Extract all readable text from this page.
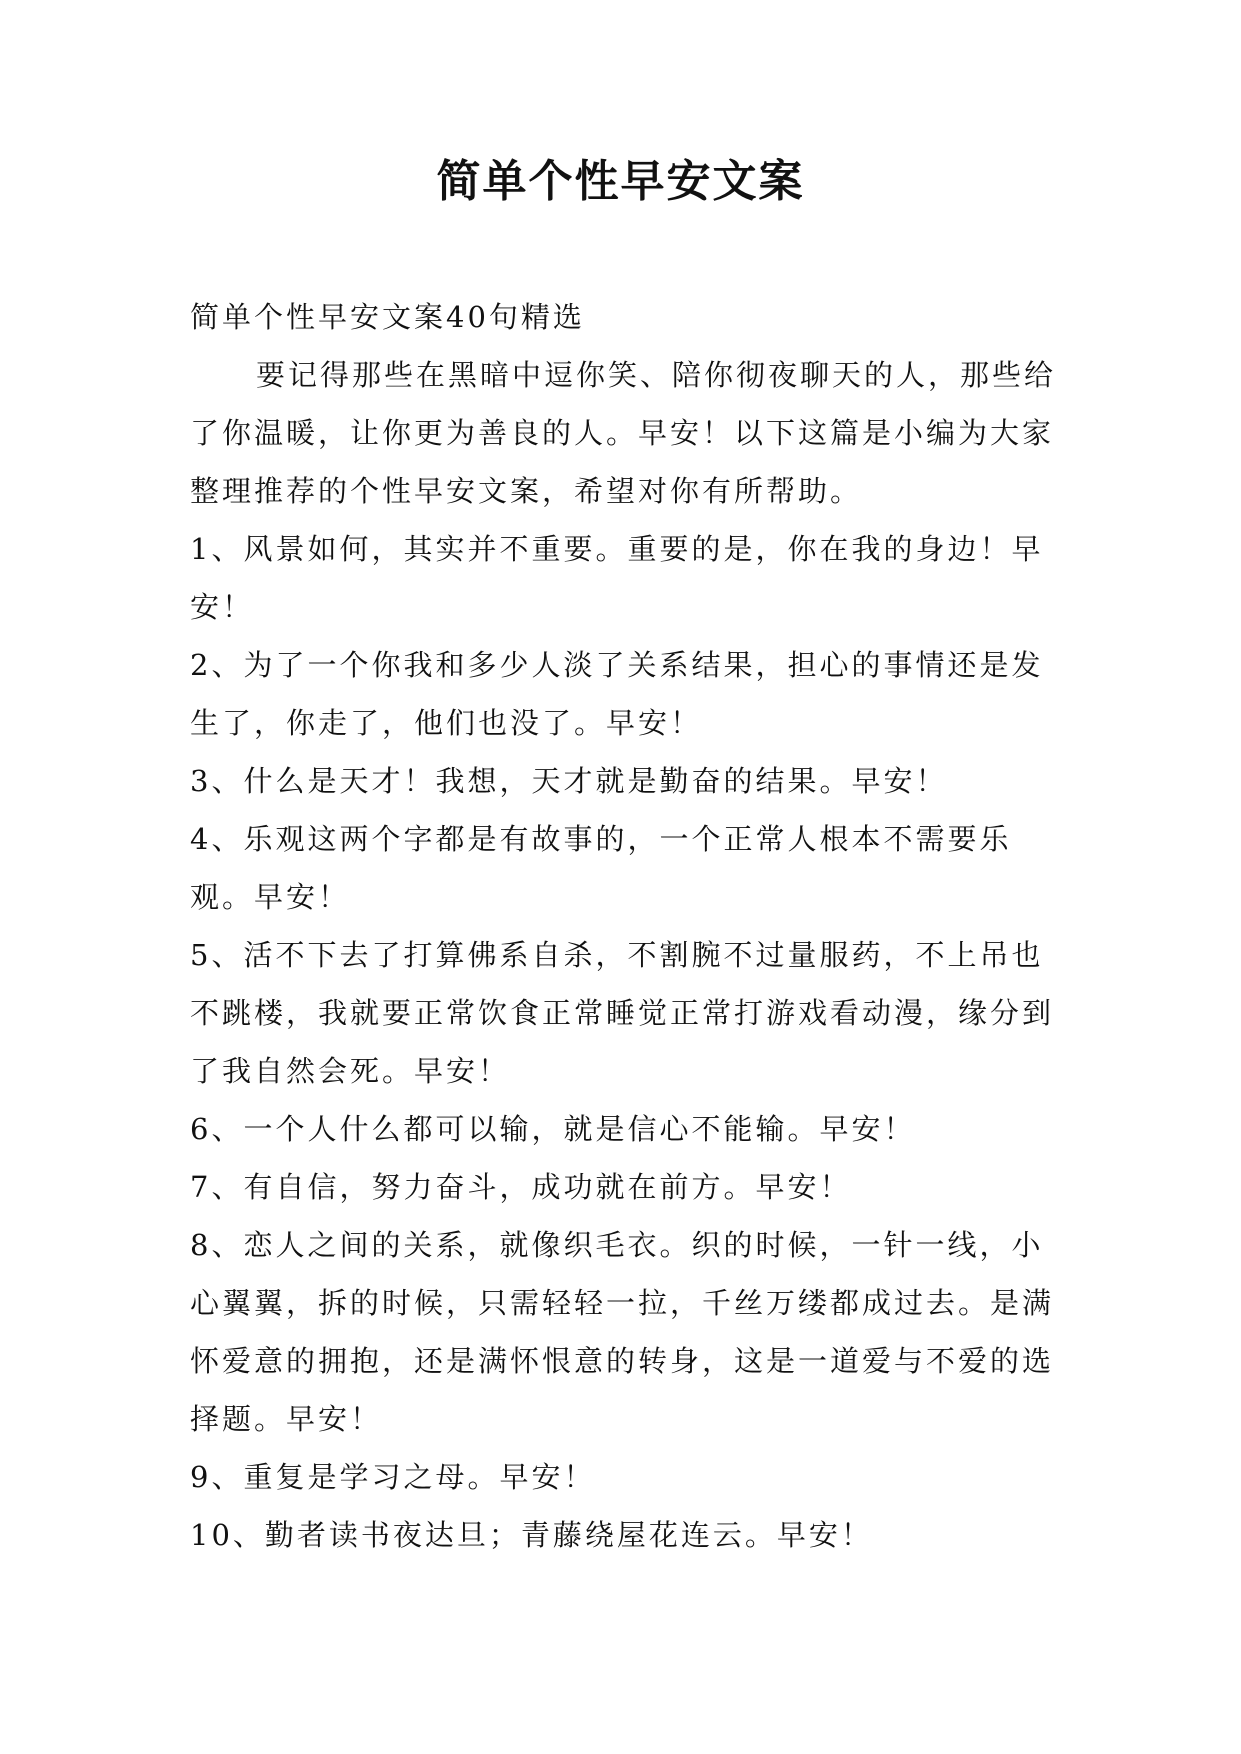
简单个性早安文案

简单个性早安文案40句精选

要记得那些在黑暗中逗你笑、陪你彻夜聊天的人，那些给了你温暖，让你更为善良的人。早安！以下这篇是小编为大家整理推荐的个性早安文案，希望对你有所帮助。

1、风景如何，其实并不重要。重要的是，你在我的身边！早安！

2、为了一个你我和多少人淡了关系结果，担心的事情还是发生了，你走了，他们也没了。早安！

3、什么是天才！我想，天才就是勤奋的结果。早安！

4、乐观这两个字都是有故事的，一个正常人根本不需要乐观。早安！

5、活不下去了打算佛系自杀，不割腕不过量服药，不上吊也不跳楼，我就要正常饮食正常睡觉正常打游戏看动漫，缘分到了我自然会死。早安！

6、一个人什么都可以输，就是信心不能输。早安！

7、有自信，努力奋斗，成功就在前方。早安！

8、恋人之间的关系，就像织毛衣。织的时候，一针一线，小心翼翼，拆的时候，只需轻轻一拉，千丝万缕都成过去。是满怀爱意的拥抱，还是满怀恨意的转身，这是一道爱与不爱的选择题。早安！

9、重复是学习之母。早安！

10、勤者读书夜达旦；青藤绕屋花连云。早安！
